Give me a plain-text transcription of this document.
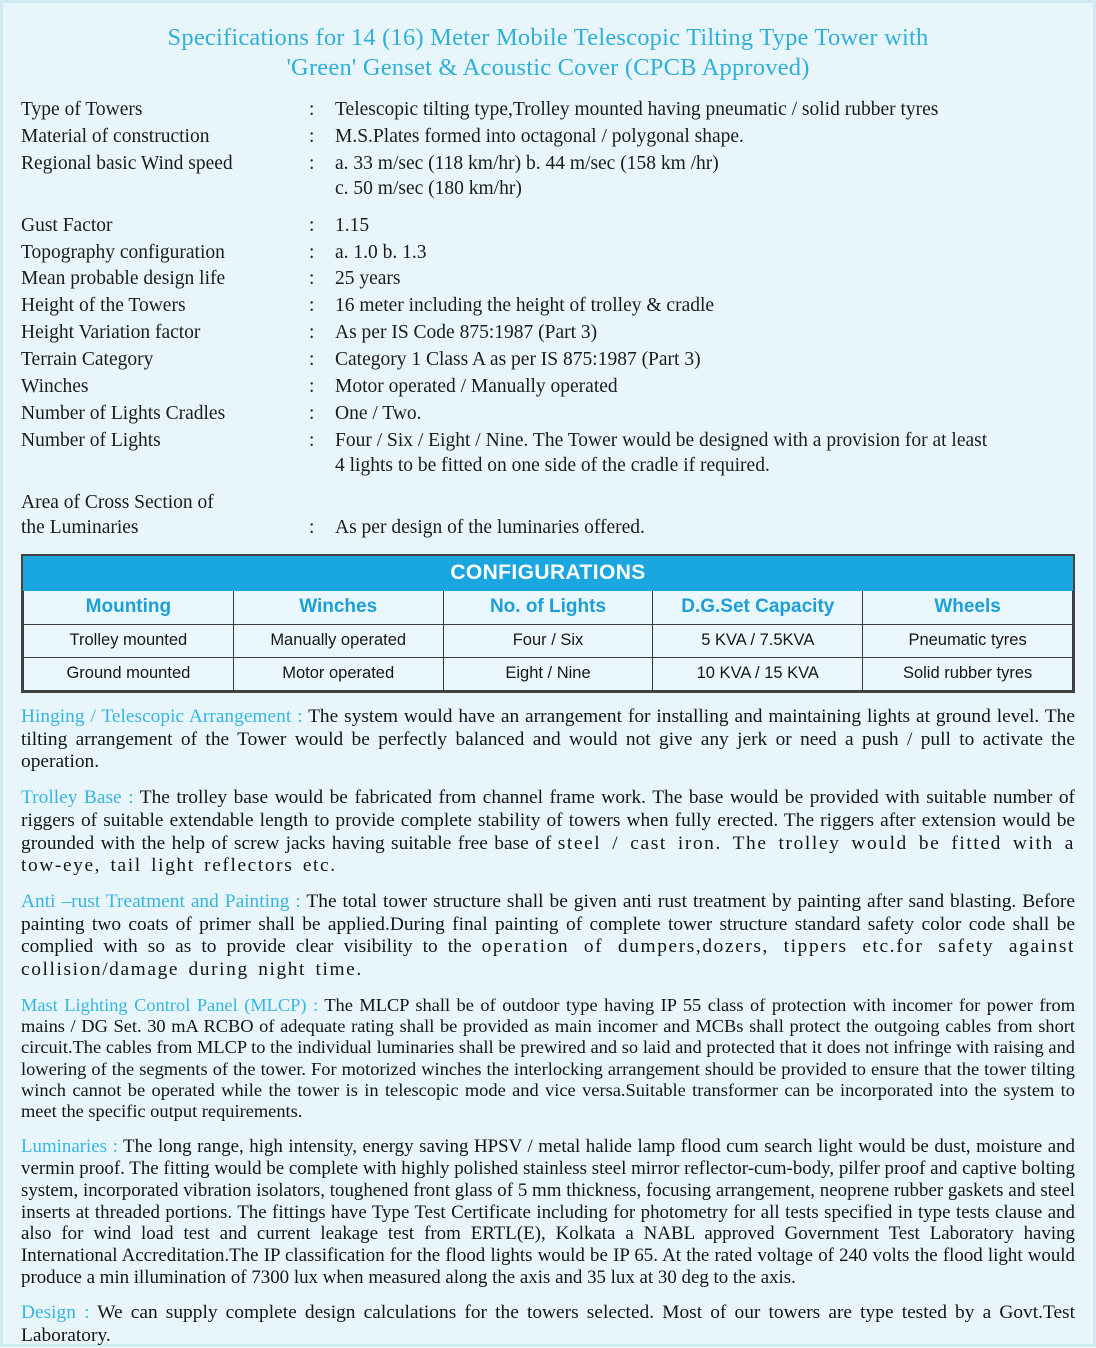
Specifications for 14 (16) Meter Mobile Telescopic Tilting Type Tower with
'Green' Genset & Acoustic Cover (CPCB Approved)
Type of Towers	:	Telescopic tilting type,Trolley mounted having pneumatic / solid rubber tyres
Material of construction	:	M.S.Plates formed into octagonal / polygonal shape.
Regional basic Wind speed	:	a. 33 m/sec (118 km/hr) b. 44 m/sec (158 km /hr)
c. 50 m/sec (180 km/hr)

Gust Factor	:	1.15
Topography configuration	:	a. 1.0 b. 1.3
Mean probable design life	:	25 years
Height of the Towers	:	16 meter including the height of trolley & cradle
Height Variation factor	:	As per IS Code 875:1987 (Part 3)
Terrain Category	:	Category 1 Class A as per IS 875:1987 (Part 3)
Winches	:	Motor operated / Manually operated
Number of Lights Cradles	:	One / Two.
Number of Lights	:	Four / Six / Eight / Nine. The Tower would be designed with a provision for at least
4 lights to be fitted on one side of the cradle if required.

Area of Cross Section of
the Luminaries	:	As per design of the luminaries offered.
CONFIGURATIONS				
Mounting	Winches	No. of Lights	D.G.Set Capacity	Wheels
Trolley mounted	Manually operated	Four / Six	5 KVA / 7.5KVA	Pneumatic tyres
Ground mounted	Motor operated	Eight / Nine	10 KVA / 15 KVA	Solid rubber tyres

Hinging / Telescopic Arrangement : The system would have an arrangement for installing and maintaining lights at ground level. The tilting arrangement of the Tower would be perfectly balanced and would not give any jerk or need a push / pull to activate the operation.

Trolley Base : The trolley base would be fabricated from channel frame work. The base would be provided with suitable number of riggers of suitable extendable length to provide complete stability of towers when fully erected. The riggers after extension would be grounded with the help of screw jacks having suitable free base of steel / cast iron. The trolley would be fitted with a tow-eye, tail light reflectors etc.

Anti –rust Treatment and Painting : The total tower structure shall be given anti rust treatment by painting after sand blasting. Before painting two coats of primer shall be applied.During final painting of complete tower structure standard safety color code shall be complied with so as to provide clear visibility to the operation of dumpers,dozers, tippers etc.for safety against collision/damage during night time.

Mast Lighting Control Panel (MLCP) : The MLCP shall be of outdoor type having IP 55 class of protection with incomer for power from mains / DG Set. 30 mA RCBO of adequate rating shall be provided as main incomer and MCBs shall protect the outgoing cables from short circuit.The cables from MLCP to the individual luminaries shall be prewired and so laid and protected that it does not infringe with raising and lowering of the segments of the tower. For motorized winches the interlocking arrangement should be provided to ensure that the tower tilting winch cannot be operated while the tower is in telescopic mode and vice versa.Suitable transformer can be incorporated into the system to meet the specific output requirements.

Luminaries : The long range, high intensity, energy saving HPSV / metal halide lamp flood cum search light would be dust, moisture and vermin proof. The fitting would be complete with highly polished stainless steel mirror reflector-cum-body, pilfer proof and captive bolting system, incorporated vibration isolators, toughened front glass of 5 mm thickness, focusing arrangement, neoprene rubber gaskets and steel inserts at threaded portions. The fittings have Type Test Certificate including for photometry for all tests specified in type tests clause and also for wind load test and current leakage test from ERTL(E), Kolkata a NABL approved Government Test Laboratory having International Accreditation.The IP classification for the flood lights would be IP 65. At the rated voltage of 240 volts the flood light would produce a min illumination of 7300 lux when measured along the axis and 35 lux at 30 deg to the axis.

Design : We can supply complete design calculations for the towers selected. Most of our towers are type tested by a Govt.Test Laboratory.
